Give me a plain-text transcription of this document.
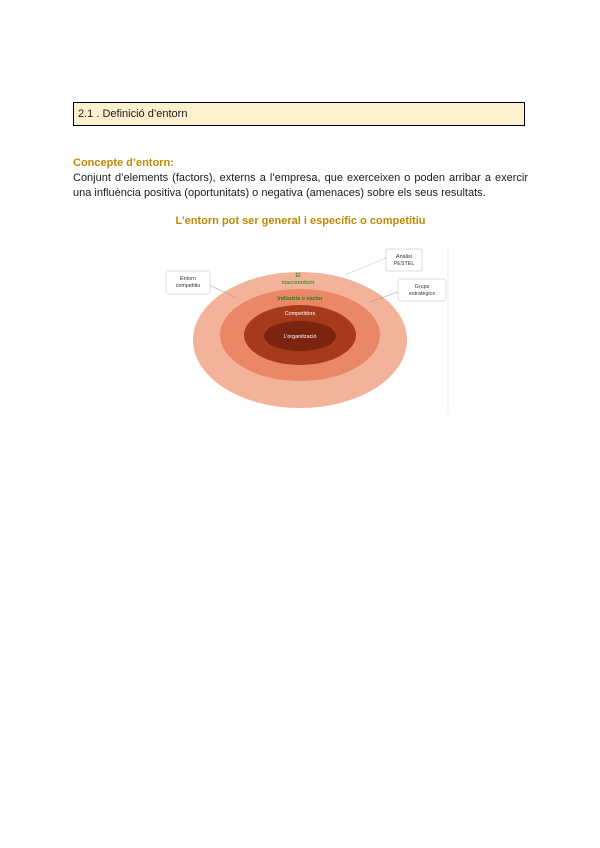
2.1 . Definició d’entorn
Concepte d’entorn:
Conjunt d’elements (factors), externs a l’empresa, que exerceixen o poden arribar a exercir una influència positiva (oportunitats) o negativa (amenaces) sobre els seus resultats.
L’entorn pot ser general i específic o competitiu
El
macroentorn
Indústria o sector
Competidors
L’organització
Entorn
competitiu
Anàlisi
PESTEL
Grups
estratègics
